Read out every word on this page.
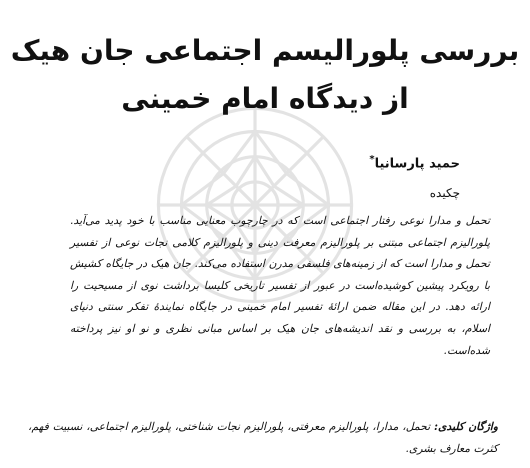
بررسی پلورالیسم اجتماعی جان هیک
از دیدگاه امام خمینی
حمید پارسانیا*
چکیده

تحمل و مدارا نوعی رفتار اجتماعی است که در چارچوب معنایی مناسب با خود پدید می‌آید. پلورالیزم اجتماعی مبتنی بر پلورالیزم معرفت دینی و پلورالیزم کلامی نجات نوعی از تفسیر تحمل و مدارا است که از زمینه‌های فلسفی مدرن استفاده می‌کند. جان هیک در جایگاه کشیش با رویکرد پیشین کوشیده‌است در عبور از تفسیر تاریخی کلیسا برداشت نوی از مسیحیت را ارائه دهد. در این مقاله ضمن ارائهٔ تفسیر امام خمینی در جایگاه نمایندهٔ تفکر سنتی دنیای اسلام، به بررسی و نقد اندیشه‌های جان هیک بر اساس مبانی نظری و نو او نیز پرداخته شده‌است.

واژگان کلیدی: تحمل، مدارا، پلورالیزم معرفتی، پلورالیزم نجات شناختی، پلورالیزم اجتماعی، نسبیت فهم، کثرت معارف بشری.
